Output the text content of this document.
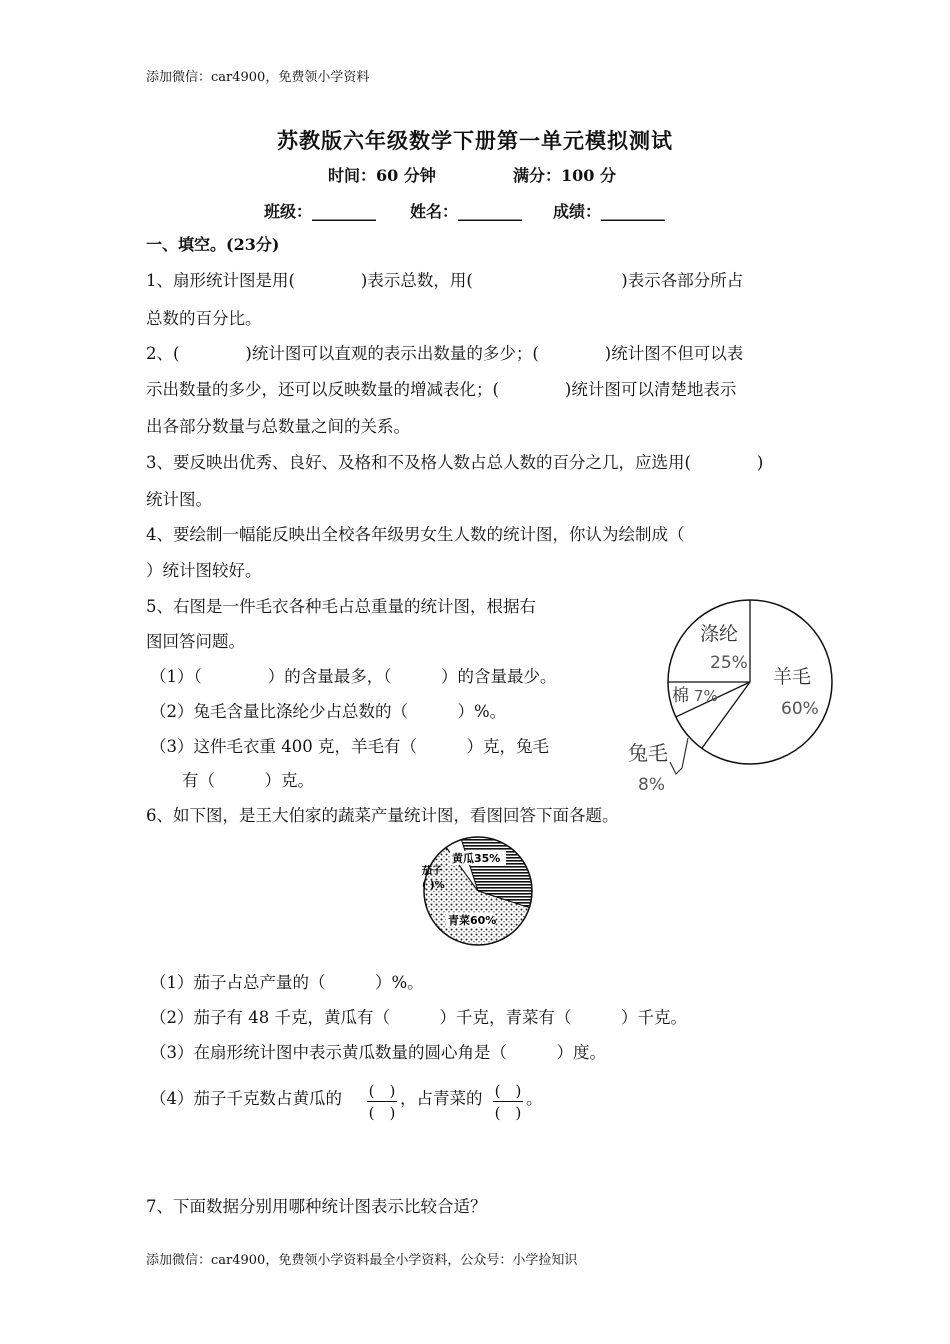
添加微信：car4900，免费领小学资料
苏教版六年级数学下册第一单元模拟测试
时间：60 分钟	满分：100 分
班级：________ 姓名：________ 成绩：________
一、填空。(23分)
1、扇形统计图是用(　　　　)表示总数，用(　　　　　　　　　)表示各部分所占
总数的百分比。
2、(　　　　)统计图可以直观的表示出数量的多少；(　　　　)统计图不但可以表
示出数量的多少，还可以反映数量的增减表化；(　　　　)统计图可以清楚地表示
出各部分数量与总数量之间的关系。
3、要反映出优秀、良好、及格和不及格人数占总人数的百分之几，应选用(　　　　)
统计图。
4、要绘制一幅能反映出全校各年级男女生人数的统计图，你认为绘制成（
）统计图较好。
5、右图是一件毛衣各种毛占总重量的统计图，根据右
图回答问题。
（1）（　　　　）的含量最多，（　　　）的含量最少。
（2）兔毛含量比涤纶少占总数的（　　　）%。
（3）这件毛衣重 400 克，羊毛有（　　　）克，兔毛
有（　　　）克。
涤纶
25%
羊毛
60%
棉 7%
兔毛
8%
6、如下图，是王大伯家的蔬菜产量统计图，看图回答下面各题。
黄瓜35%
青菜60%
茄子
( )%
（1）茄子占总产量的（　　　）%。
（2）茄子有 48 千克，黄瓜有（　　　）千克，青菜有（　　　）千克。
（3）在扇形统计图中表示黄瓜数量的圆心角是（　　　）度。
（4）茄子千克数占黄瓜的	(　)
(　)
，占青菜的 (　)
(　)
。
7、下面数据分别用哪种统计图表示比较合适？
添加微信：car4900，免费领小学资料最全小学资料，公众号：小学捡知识
